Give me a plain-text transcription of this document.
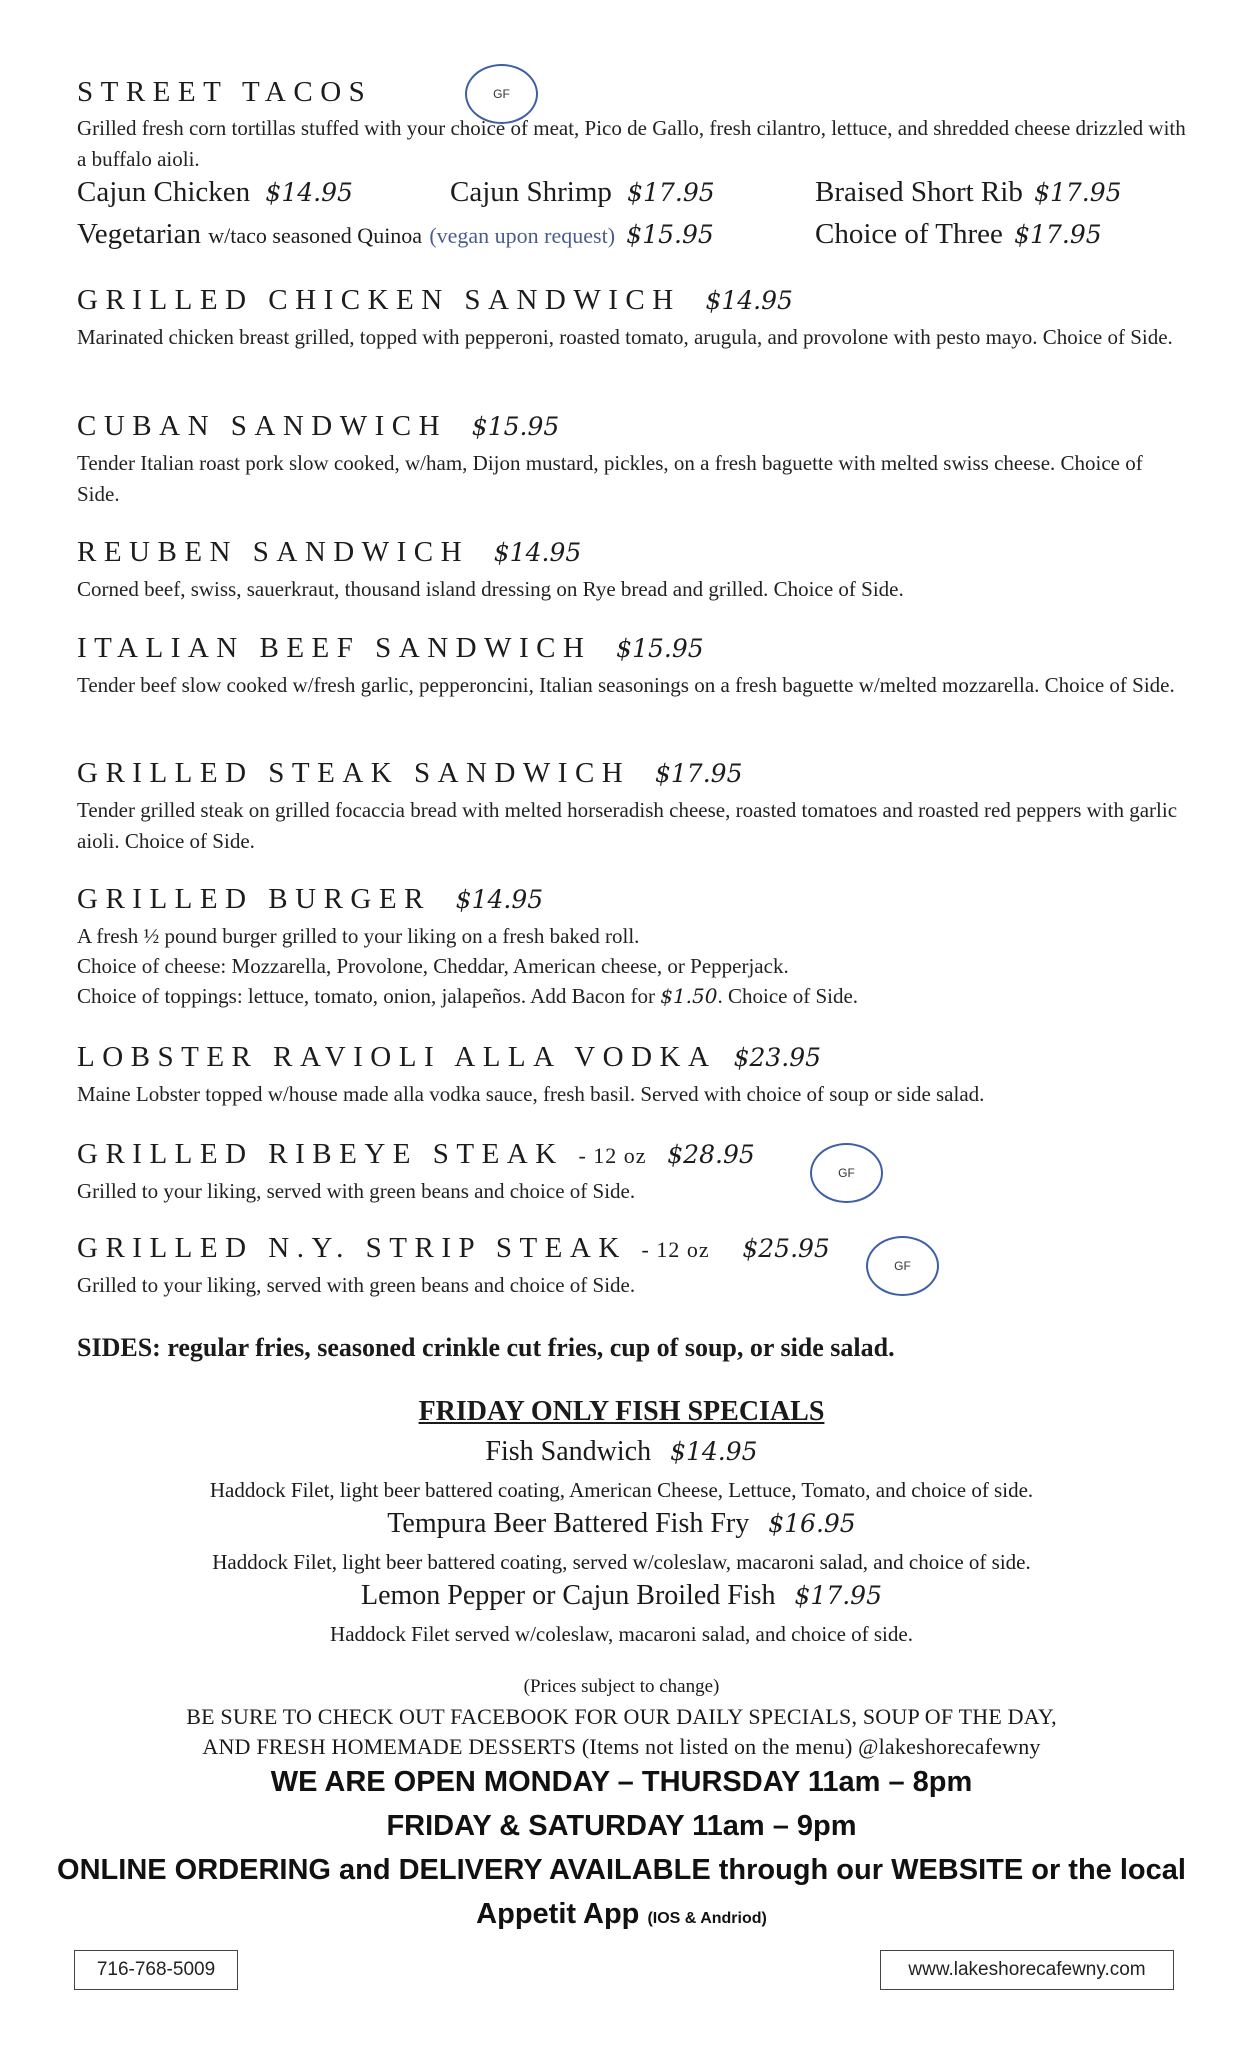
STREET TACOS	GF
Grilled fresh corn tortillas stuffed with your choice of meat, Pico de Gallo, fresh cilantro, lettuce, and shredded cheese drizzled with a buffalo aioli.
Cajun Chicken $14.95	Cajun Shrimp $17.95	Braised Short Rib $17.95
Vegetarian w/taco seasoned Quinoa (vegan upon request) $15.95	Choice of Three $17.95
GRILLED CHICKEN SANDWICH $14.95
Marinated chicken breast grilled, topped with pepperoni, roasted tomato, arugula, and provolone with pesto mayo. Choice of Side.
CUBAN SANDWICH $15.95
Tender Italian roast pork slow cooked, w/ham, Dijon mustard, pickles, on a fresh baguette with melted swiss cheese. Choice of Side.
REUBEN SANDWICH $14.95
Corned beef, swiss, sauerkraut, thousand island dressing on Rye bread and grilled. Choice of Side.
ITALIAN BEEF SANDWICH $15.95
Tender beef slow cooked w/fresh garlic, pepperoncini, Italian seasonings on a fresh baguette w/melted mozzarella. Choice of Side.
GRILLED STEAK SANDWICH $17.95
Tender grilled steak on grilled focaccia bread with melted horseradish cheese, roasted tomatoes and roasted red peppers with garlic aioli. Choice of Side.
GRILLED BURGER $14.95
A fresh ½ pound burger grilled to your liking on a fresh baked roll.
Choice of cheese: Mozzarella, Provolone, Cheddar, American cheese, or Pepperjack.
Choice of toppings: lettuce, tomato, onion, jalapeños. Add Bacon for $1.50. Choice of Side.
LOBSTER RAVIOLI ALLA VODKA $23.95
Maine Lobster topped w/house made alla vodka sauce, fresh basil. Served with choice of soup or side salad.
GRILLED RIBEYE STEAK - 12 oz $28.95
GF
Grilled to your liking, served with green beans and choice of Side.
GRILLED N.Y. STRIP STEAK - 12 oz $25.95
GF
Grilled to your liking, served with green beans and choice of Side.
SIDES: regular fries, seasoned crinkle cut fries, cup of soup, or side salad.
FRIDAY ONLY FISH SPECIALS
Fish Sandwich $14.95
Haddock Filet, light beer battered coating, American Cheese, Lettuce, Tomato, and choice of side.
Tempura Beer Battered Fish Fry $16.95
Haddock Filet, light beer battered coating, served w/coleslaw, macaroni salad, and choice of side.
Lemon Pepper or Cajun Broiled Fish $17.95
Haddock Filet served w/coleslaw, macaroni salad, and choice of side.
(Prices subject to change)
BE SURE TO CHECK OUT FACEBOOK FOR OUR DAILY SPECIALS, SOUP OF THE DAY,
AND FRESH HOMEMADE DESSERTS (Items not listed on the menu) @lakeshorecafewny
WE ARE OPEN MONDAY – THURSDAY 11am – 8pm
FRIDAY & SATURDAY 11am – 9pm
ONLINE ORDERING and DELIVERY AVAILABLE through our WEBSITE or the local
Appetit App (IOS & Andriod)
716-768-5009	www.lakeshorecafewny.com
